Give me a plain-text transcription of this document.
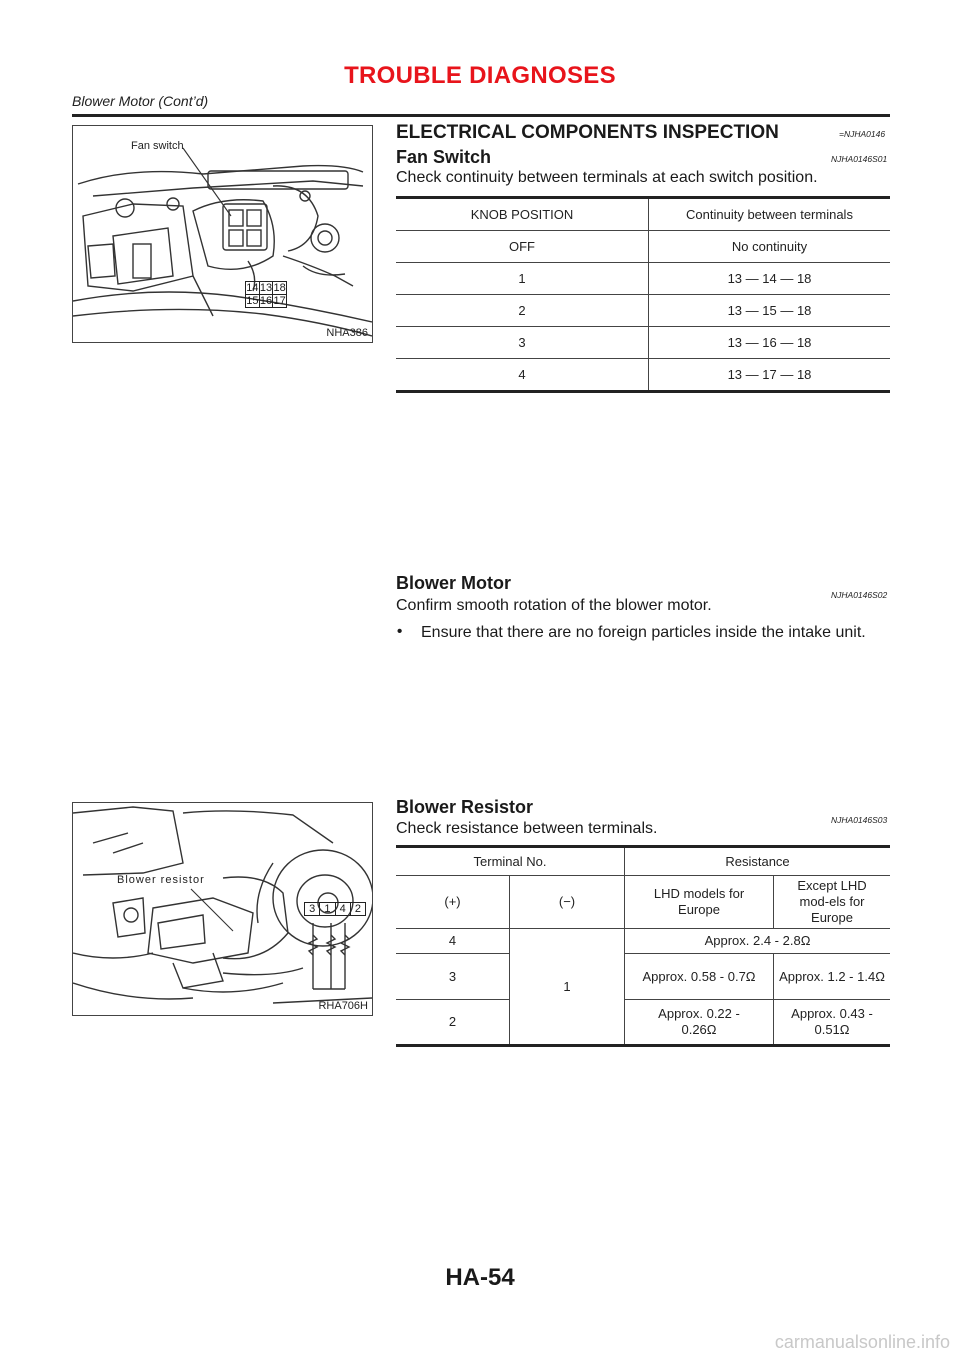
TROUBLE DIAGNOSES
Blower Motor (Cont’d)
Fan switch
14 13 18
15 16 17
NHA386
ELECTRICAL COMPONENTS INSPECTION	=NJHA0146
Fan Switch	NJHA0146S01
Check continuity between terminals at each switch position.
KNOB POSITION	Continuity between terminals
OFF	No continuity
1	13 — 14 — 18
2	13 — 15 — 18
3	13 — 16 — 18
4	13 — 17 — 18
Blower Motor
NJHA0146S02
Confirm smooth rotation of the blower motor.
• Ensure that there are no foreign particles inside the intake unit.
Blower resistor
3 1 4 2
RHA706H
Blower Resistor
NJHA0146S03
Check resistance between terminals.
Terminal No.		Resistance	
(+)	(−)	LHD models for Europe	Except LHD mod-els for Europe
4	1	Approx. 2.4 - 2.8Ω	
3		Approx. 0.58 - 0.7Ω	Approx. 1.2 - 1.4Ω
2		Approx. 0.22 - 0.26Ω	Approx. 0.43 - 0.51Ω
HA-54
carmanualsonline.info
